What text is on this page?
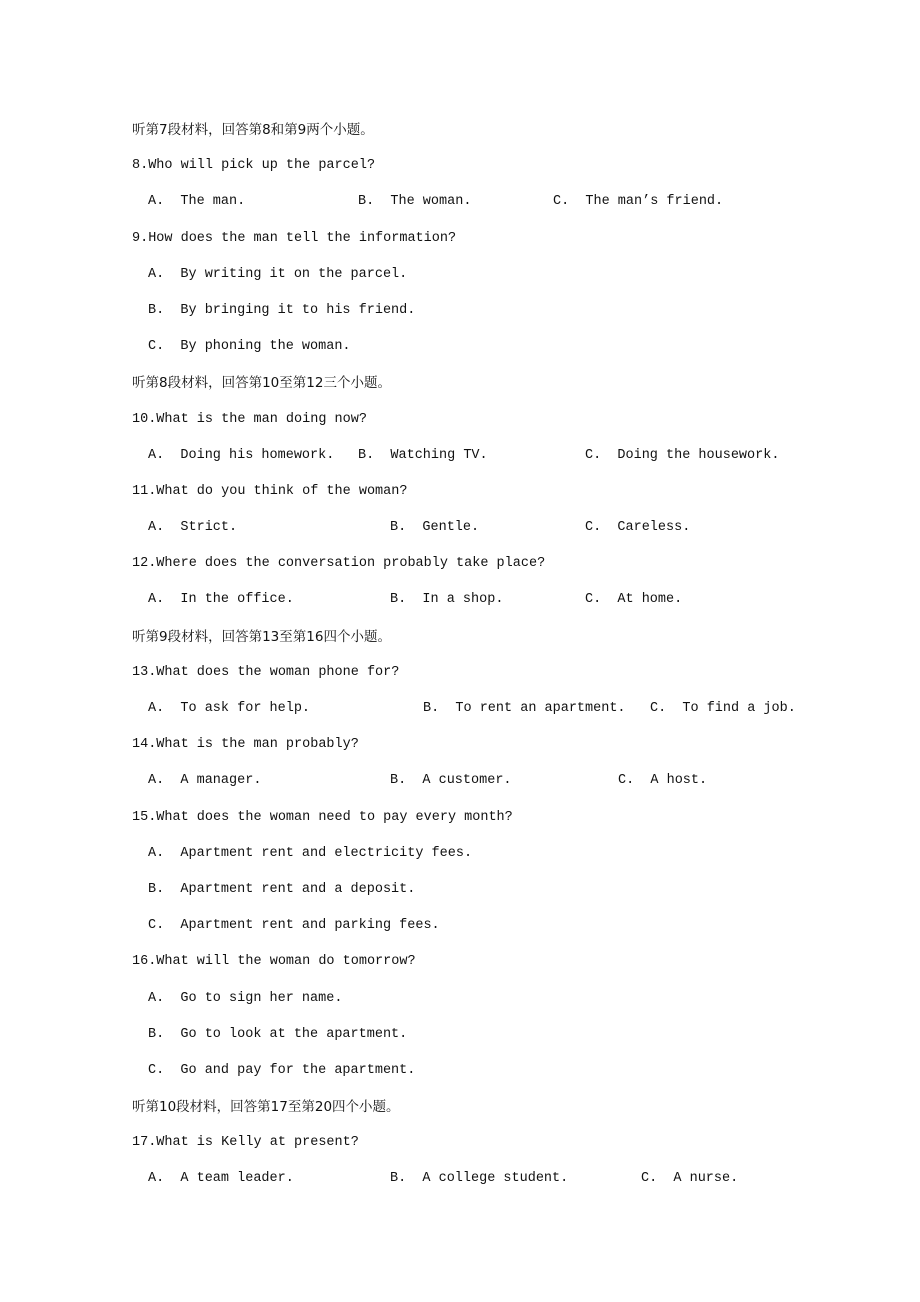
听第7段材料，回答第8和第9两个小题。
8.Who will pick up the parcel?

A.  The man.

	B.  The woman.

	C.  The man’s friend.

9.How does the man tell the information?
A.  By writing it on the parcel.
B.  By bringing it to his friend.
C.  By phoning the woman.
听第8段材料，回答第10至第12三个小题。
10.What is the man doing now?

A.  Doing his homework.

B.  Watching TV.

	C.  Doing the housework.

11.What do you think of the woman?

A.  Strict.

	B.  Gentle.

	C.  Careless.

12.Where does the conversation probably take place?

A.  In the office.

	B.  In a shop.

	C.  At home.

听第9段材料，回答第13至第16四个小题。
13.What does the woman phone for?

A.  To ask for help.

	B.  To rent an apartment.

C.  To find a job.

14.What is the man probably?

A.  A manager.

	B.  A customer.

	C.  A host.

15.What does the woman need to pay every month?
A.  Apartment rent and electricity fees.
B.  Apartment rent and a deposit.
C.  Apartment rent and parking fees.
16.What will the woman do tomorrow?
A.  Go to sign her name.
B.  Go to look at the apartment.
C.  Go and pay for the apartment.
听第10段材料，回答第17至第20四个小题。
17.What is Kelly at present?

A.  A team leader.

	B.  A college student.

	C.  A nurse.
